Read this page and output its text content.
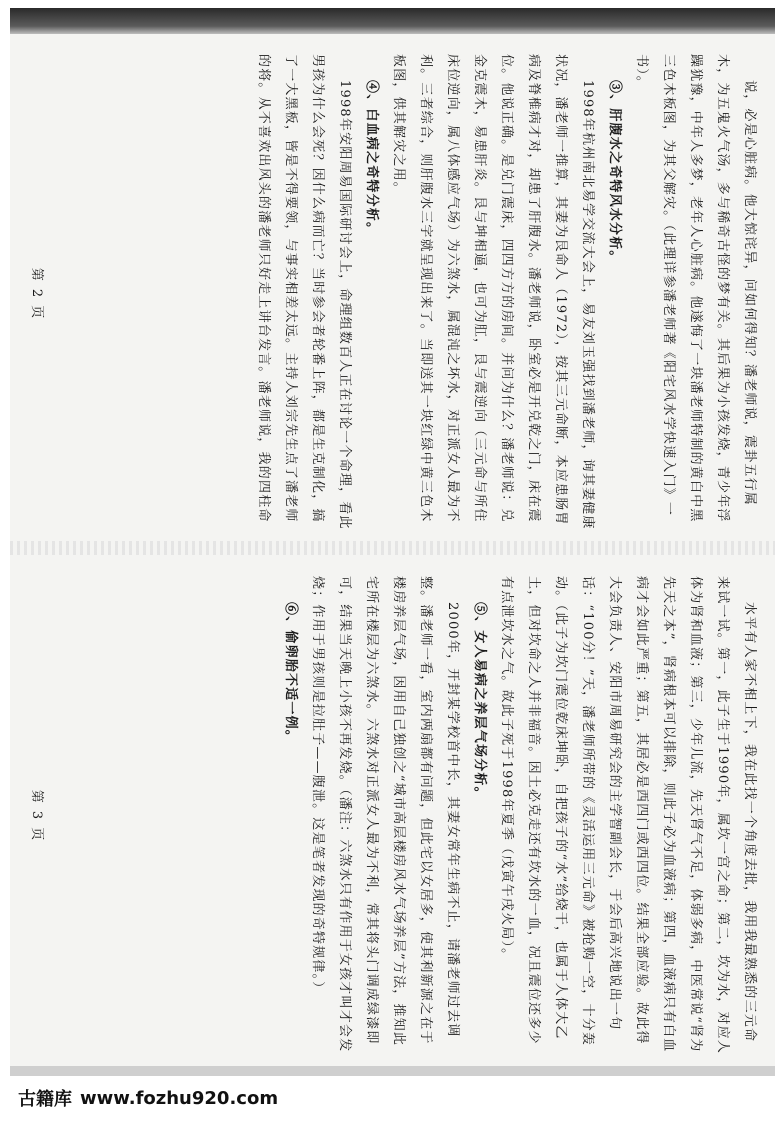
说，必是心脏病。他大惊诧异，问如何得知？潘老师说，震卦五行属木，为五鬼火气汤，多与稀奇古怪的梦有关。其后果为小孩发烧，青少年浮躁犹豫，中年人多梦，老年人心脏病。他遂悔了一块潘老师特制的黄白中黑三色木板图，为其父解灾。（此理详参潘老师著《阳宅风水学快速入门》一书）。

③、肝腹水之奇特风水分析。

1998年杭州南北易学交流大会上，易友刘玉强找到潘老师，询其妻健康状况，潘老师一推算，其妻为艮命人（1972），按其三元命断，本应患肠胃病及脊椎病才对，却患了肝腹水。潘老师说，卧室必是开兑乾之门，床在震位。他说正确。是兑门震床，四四方方的房间。并问为什么？潘老师说：兑金克震木，易患肝炎。艮与坤相逼，也可为肛，艮与震逆向（三元命与所住床位逆向，属八体感应气场）为六煞水，属混沌之坏水，对正派女人最为不利。三者综合，则肝腹水三字就呈现出来了。当即送其一块红绿中黄三色木板图，供其解灾之用。

④、白血病之奇特分析。

1998年安阳周易国际研讨会上，命理组数百人正在讨论一个命理，看此男孩为什么会死？因什么病而亡？当时参会者轮番上阵，都是生克制化，搞了一大黑板，皆是不得要领，与事实相差太远。主持人刘宗先生点了潘老师的将。从不喜欢出风头的潘老师只好走上讲台发言。潘老师说，我的四柱命

第 2 页

水平有人家不相上下，我在此找一个角度去批，我用我最熟悉的三元命来试一试。第一，此子生于1990年，属坎一宫之命；第二，坎为水，对应人体为肾和血液；第三，少年儿流，先天肾气不足，体弱多病，中医常说“肾为先天之本”，肾病根本可以排除，则此子必为血液病；第四，血液病只有白血病才会如此严重；第五，其居必是西四门或西四位。结果全部应验。故此得大会负责人、安阳市周易研究会的主学智副会长，于会后高兴地说出一句话：“100分！”天，潘老师所带的《灵活运用三元命》被抢购一空，十分轰动。（此子为坎门震位乾床坤卧，自把孩子的“水”给烧干，也属于人体大乙土，但对坎命之人并非福音。因土必克走还有坎水的一血，况且震位还多少有点泄坎水之气。故此子死于1998年夏季（戊寅午戌火局）。

⑤、女人易病之养层气场分析。

2000年，开封某学校首中长，其妻女常年生病不止，请潘老师过去调整。潘老师一看，室内两扇都有问题，但此宅以女居多，使其利新源之在于楼房养层气场，因用自己独创之“城市高层楼房风水气场养层”方法，推知此宅所在楼层为六煞水。六煞水对正派女人最为不利，常其将头门调成绿漆即可，结果当天晚上小孩不再发烧。（潘注：六煞水只有作用于女孩才叫才会发烧；作用于男孩则是拉肚子——腹泄。这是笔者发现的奇特规律。）

⑥、偷卵胎不适一例。

第 3 页
古籍库 www.fozhu920.com
